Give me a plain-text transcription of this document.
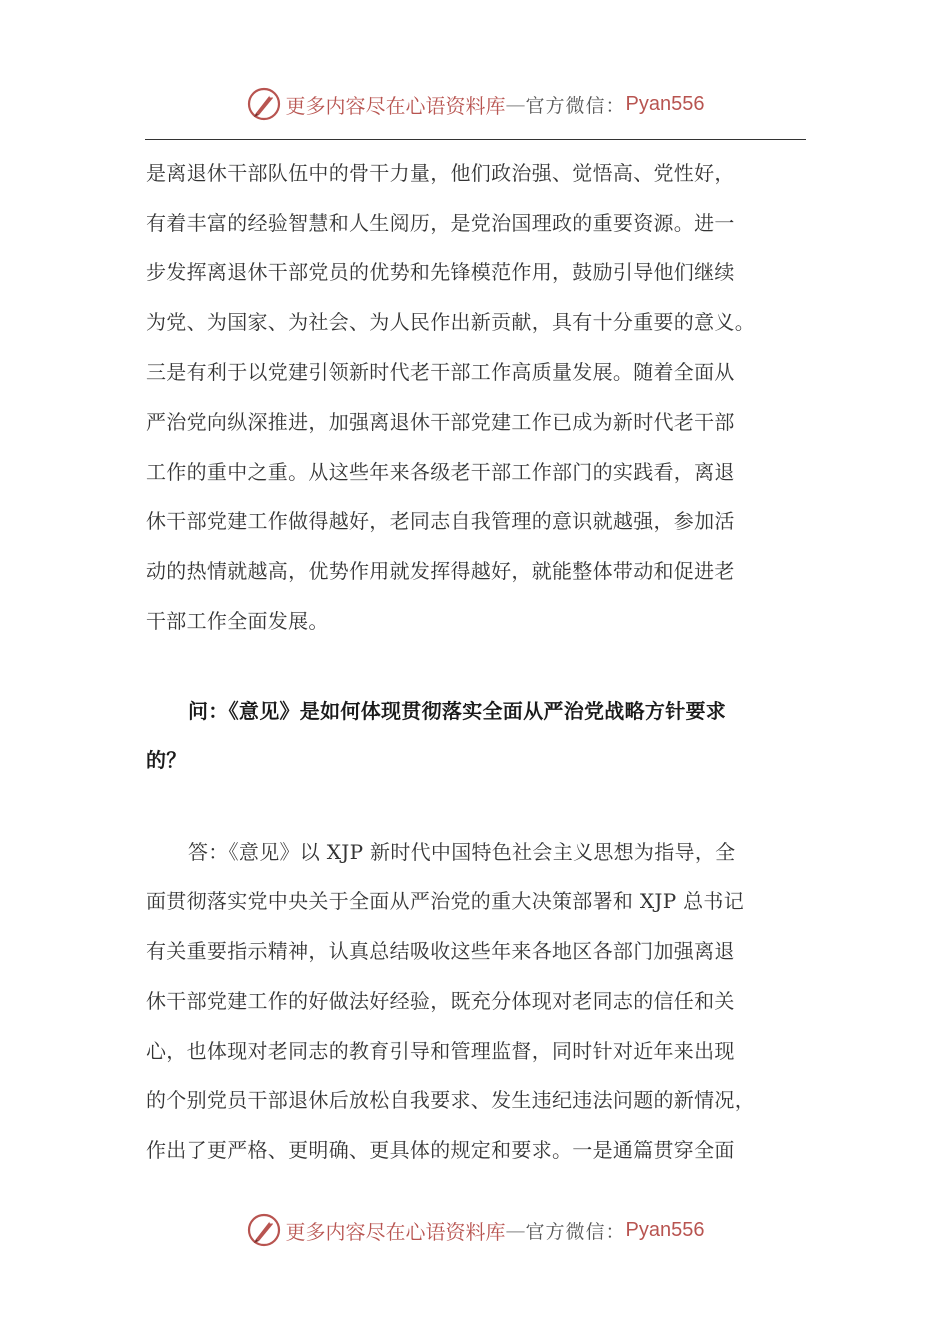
更多内容尽在心语资料库 — 官方微信： Pyan556
是离退休干部队伍中的骨干力量，他们政治强、觉悟高、党性好，
有着丰富的经验智慧和人生阅历，是党治国理政的重要资源。进一
步发挥离退休干部党员的优势和先锋模范作用，鼓励引导他们继续
为党、为国家、为社会、为人民作出新贡献，具有十分重要的意义。
三是有利于以党建引领新时代老干部工作高质量发展。随着全面从
严治党向纵深推进，加强离退休干部党建工作已成为新时代老干部
工作的重中之重。从这些年来各级老干部工作部门的实践看，离退
休干部党建工作做得越好，老同志自我管理的意识就越强，参加活
动的热情就越高，优势作用就发挥得越好，就能整体带动和促进老
干部工作全面发展。
问：《意见》是如何体现贯彻落实全面从严治党战略方针要求
的？
答：《意见》以 XJP 新时代中国特色社会主义思想为指导，全
面贯彻落实党中央关于全面从严治党的重大决策部署和 XJP 总书记
有关重要指示精神，认真总结吸收这些年来各地区各部门加强离退
休干部党建工作的好做法好经验，既充分体现对老同志的信任和关
心，也体现对老同志的教育引导和管理监督，同时针对近年来出现
的个别党员干部退休后放松自我要求、发生违纪违法问题的新情况，
作出了更严格、更明确、更具体的规定和要求。一是通篇贯穿全面
更多内容尽在心语资料库 — 官方微信： Pyan556
